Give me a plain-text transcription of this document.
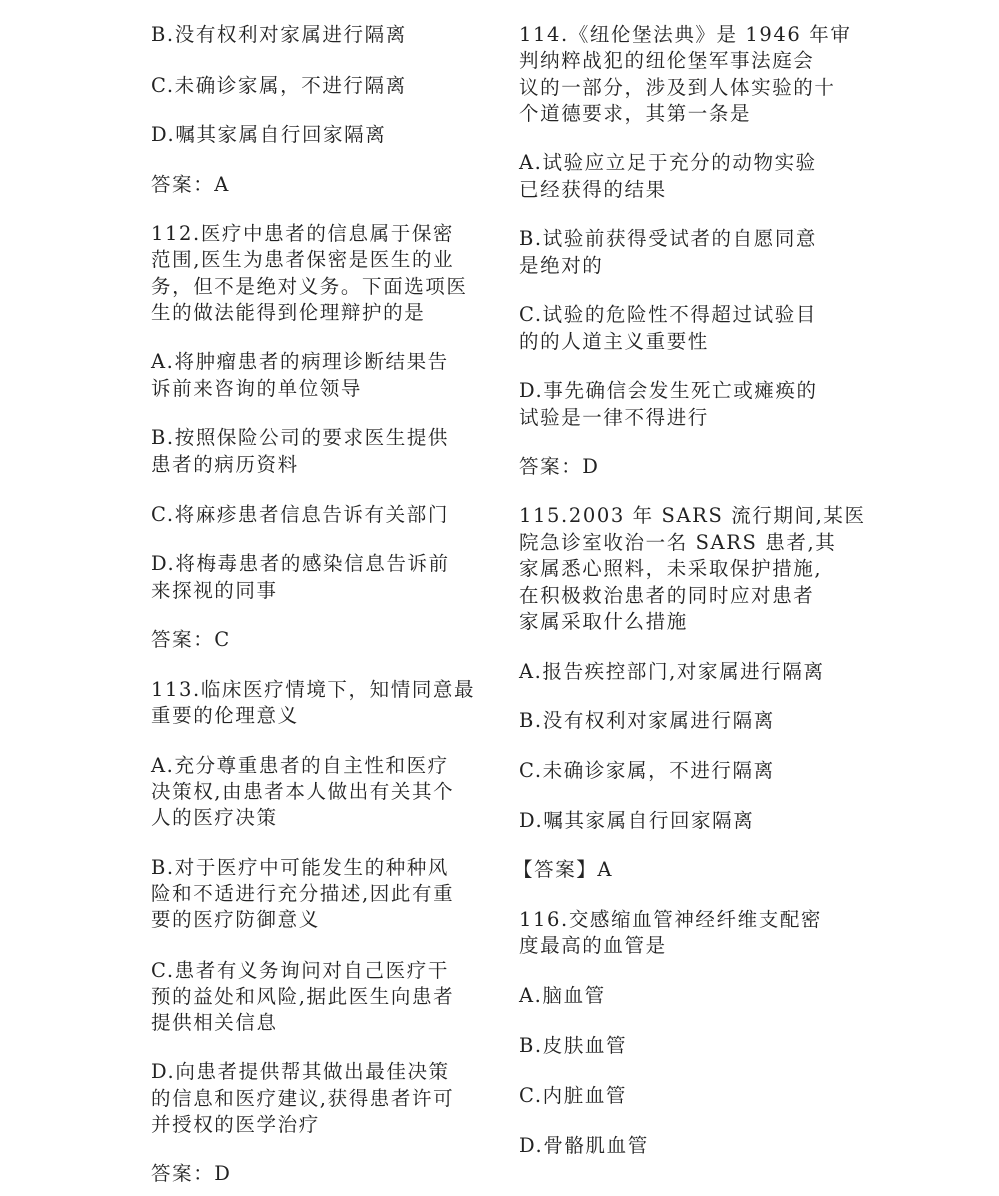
B.没有权利对家属进行隔离
C.未确诊家属，不进行隔离
D.嘱其家属自行回家隔离
答案：A
112.医疗中患者的信息属于保密
范围,医生为患者保密是医生的业
务，但不是绝对义务。下面选项医
生的做法能得到伦理辩护的是
A.将肿瘤患者的病理诊断结果告
诉前来咨询的单位领导
B.按照保险公司的要求医生提供
患者的病历资料
C.将麻疹患者信息告诉有关部门
D.将梅毒患者的感染信息告诉前
来探视的同事
答案：C
113.临床医疗情境下，知情同意最
重要的伦理意义
A.充分尊重患者的自主性和医疗
决策权,由患者本人做出有关其个
人的医疗决策
B.对于医疗中可能发生的种种风
险和不适进行充分描述,因此有重
要的医疗防御意义
C.患者有义务询问对自己医疗干
预的益处和风险,据此医生向患者
提供相关信息
D.向患者提供帮其做出最佳决策
的信息和医疗建议,获得患者许可
并授权的医学治疗
答案：D
114.《纽伦堡法典》是 1946 年审
判纳粹战犯的纽伦堡军事法庭会
议的一部分，涉及到人体实验的十
个道德要求，其第一条是
A.试验应立足于充分的动物实验
已经获得的结果
B.试验前获得受试者的自愿同意
是绝对的
C.试验的危险性不得超过试验目
的的人道主义重要性
D.事先确信会发生死亡或瘫痪的
试验是一律不得进行
答案：D
115.2003 年 SARS 流行期间,某医
院急诊室收治一名 SARS 患者,其
家属悉心照料，未采取保护措施,
在积极救治患者的同时应对患者
家属采取什么措施
A.报告疾控部门,对家属进行隔离
B.没有权利对家属进行隔离
C.未确诊家属，不进行隔离
D.嘱其家属自行回家隔离
【答案】A
116.交感缩血管神经纤维支配密
度最高的血管是
A.脑血管
B.皮肤血管
C.内脏血管
D.骨骼肌血管
